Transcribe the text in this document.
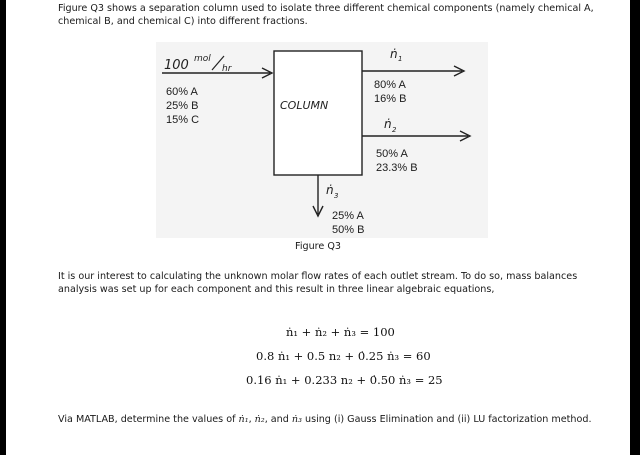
Figure Q3 shows a separation column used to isolate three different chemical components (namely chemical A, chemical B, and chemical C) into different fractions.

100 mol
hr
60% A
25% B
15% C
COLUMN
ṅ 1
80% A
16% B
ṅ 2
50% A
23.3% B
ṅ 3
25% A
50% B
Figure Q3

It is our interest to calculating the unknown molar flow rates of each outlet stream. To do so, mass balances analysis was set up for each component and this result in three linear algebraic equations,

ṅ₁ + ṅ₂ + ṅ₃ = 100
0.8 ṅ₁ + 0.5 n₂ + 0̇.25 ṅ₃ = 60
0.16 ṅ₁ + 0.233 n₂ + 0̇.50 ṅ₃ = 25

Via MATLAB, determine the values of ṅ₁, ṅ₂, and ṅ₃ using (i) Gauss Elimination and (ii) LU factorization method.
